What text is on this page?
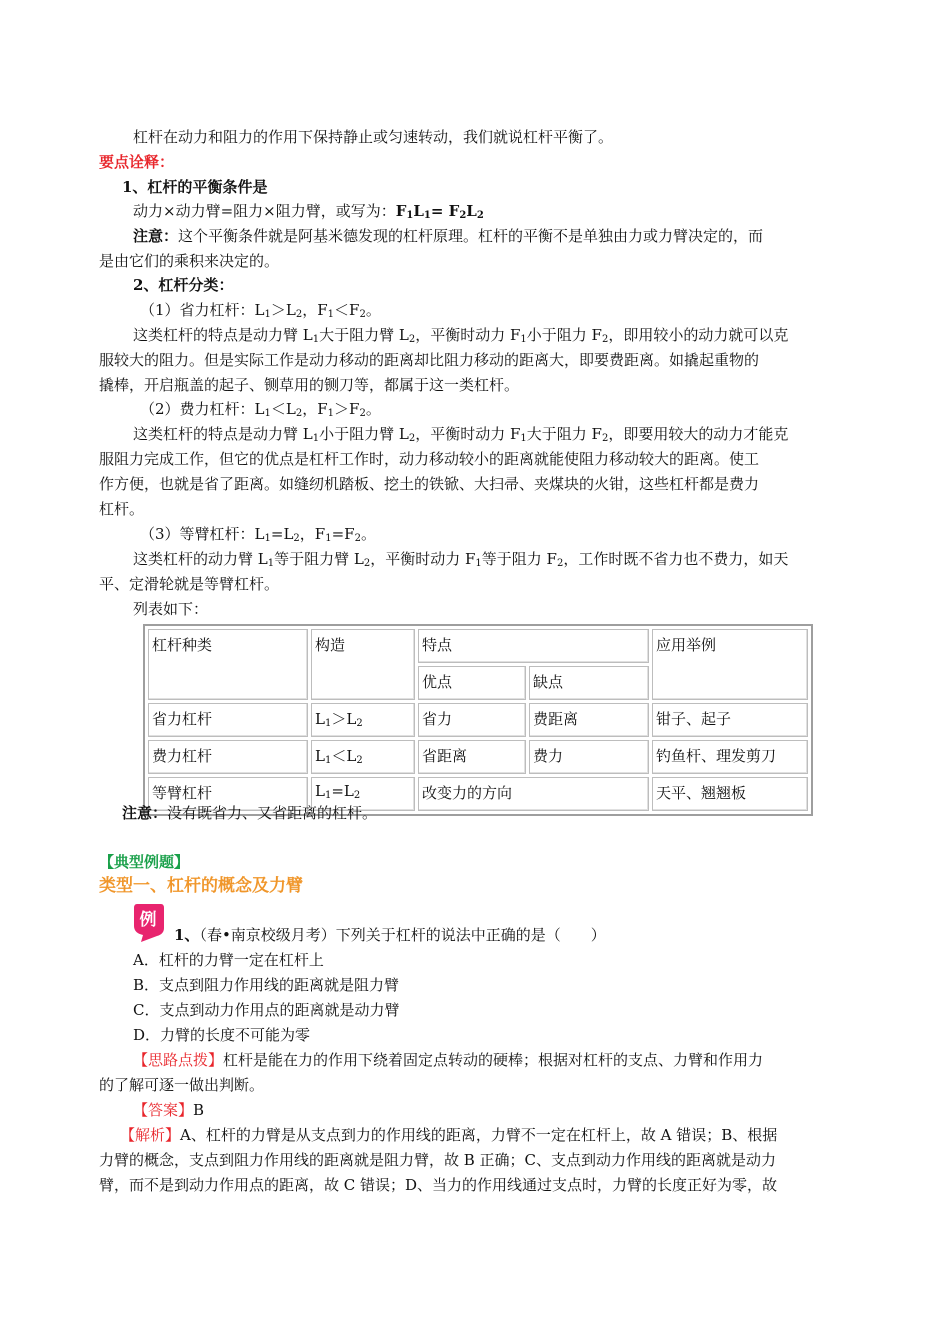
杠杆在动力和阻力的作用下保持静止或匀速转动，我们就说杠杆平衡了。
要点诠释：
1、杠杆的平衡条件是
动力×动力臂=阻力×阻力臂，或写为：$F_1L_1= F_2L_2$
注意：这个平衡条件就是阿基米德发现的杠杆原理。杠杆的平衡不是单独由力或力臂决定的，而
是由它们的乘积来决定的。
2、杠杆分类：
（1）省力杠杆：$L_1>L_2$，$F_1<F_2$。
这类杠杆的特点是动力臂 $L_1$大于阻力臂 $L_2$，平衡时动力 $F_1$小于阻力 $F_2$，即用较小的动力就可以克
服较大的阻力。但是实际工作是动力移动的距离却比阻力移动的距离大，即要费距离。如撬起重物的
撬棒，开启瓶盖的起子、铡草用的铡刀等，都属于这一类杠杆。
（2）费力杠杆：$L_1<L_2$，$F_1>F_2$。
这类杠杆的特点是动力臂 $L_1$小于阻力臂 $L_2$，平衡时动力 $F_1$大于阻力 $F_2$，即要用较大的动力才能克
服阻力完成工作，但它的优点是杠杆工作时，动力移动较小的距离就能使阻力移动较大的距离。使工
作方便，也就是省了距离。如缝纫机踏板、挖土的铁锨、大扫帚、夹煤块的火钳，这些杠杆都是费力
杠杆。
（3）等臂杠杆：$L_1=L_2$，$F_1=F_2$。
这类杠杆的动力臂 $L_1$等于阻力臂 $L_2$，平衡时动力 $F_1$等于阻力 $F_2$，工作时既不省力也不费力，如天
平、定滑轮就是等臂杠杆。
列表如下：
杠杆种类	构造	特点		应用举例
		优点	缺点	
省力杠杆	$L_1>L_2$	省力	费距离	钳子、起子
费力杠杆	$L_1<L_2$	省距离	费力	钓鱼杆、理发剪刀
等臂杠杆	$L_1=L_2$	改变力的方向		天平、翘翘板
注意：没有既省力、又省距离的杠杆。
【典型例题】
类型一、杠杆的概念及力臂
例
1、（春•南京校级月考）下列关于杠杆的说法中正确的是（　　）
A．杠杆的力臂一定在杠杆上
B．支点到阻力作用线的距离就是阻力臂
C．支点到动力作用点的距离就是动力臂
D．力臂的长度不可能为零
【思路点拨】杠杆是能在力的作用下绕着固定点转动的硬棒；根据对杠杆的支点、力臂和作用力
的了解可逐一做出判断。
【答案】B
【解析】A、杠杆的力臂是从支点到力的作用线的距离，力臂不一定在杠杆上，故 A 错误；B、根据
力臂的概念，支点到阻力作用线的距离就是阻力臂，故 B 正确；C、支点到动力作用线的距离就是动力
臂，而不是到动力作用点的距离，故 C 错误；D、当力的作用线通过支点时，力臂的长度正好为零，故
